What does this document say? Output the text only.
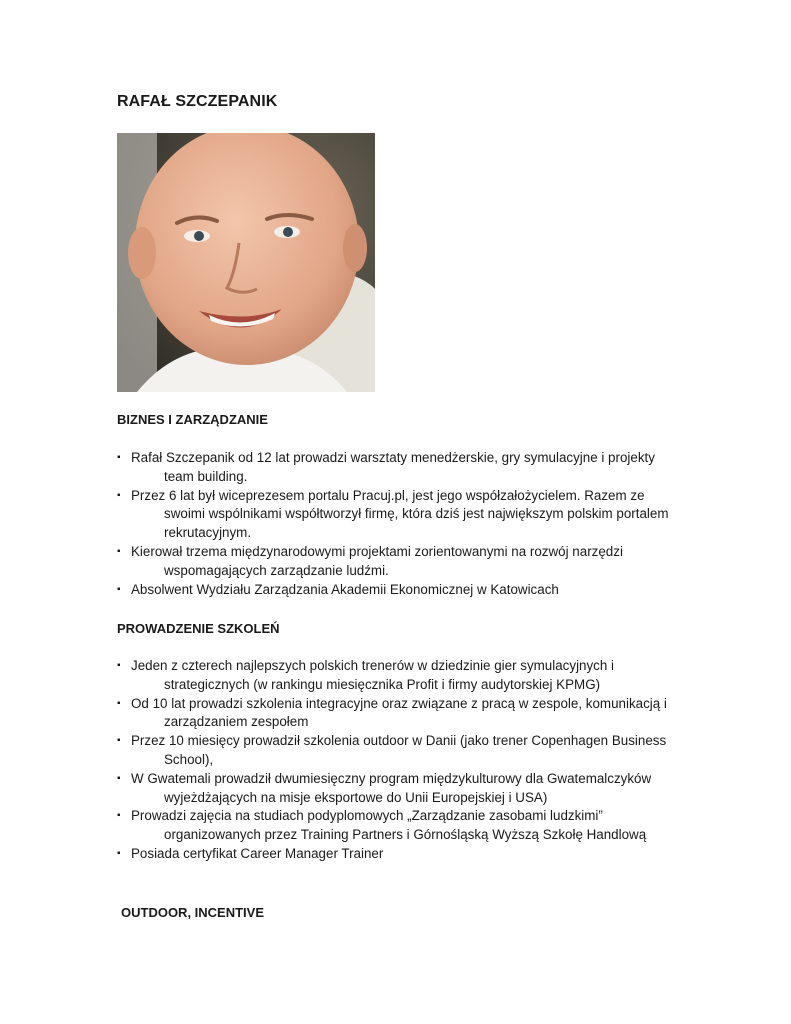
RAFAŁ SZCZEPANIK
BIZNES I ZARZĄDZANIE
▪ Rafał Szczepanik od 12 lat prowadzi warsztaty menedżerskie, gry symulacyjne i projekty team building.
▪ Przez 6 lat był wiceprezesem portalu Pracuj.pl, jest jego współzałożycielem. Razem ze swoimi wspólnikami współtworzył firmę, która dziś jest największym polskim portalem rekrutacyjnym.
▪ Kierował trzema międzynarodowymi projektami zorientowanymi na rozwój narzędzi wspomagających zarządzanie ludźmi.
▪ Absolwent Wydziału Zarządzania Akademii Ekonomicznej w Katowicach
PROWADZENIE SZKOLEŃ
▪ Jeden z czterech najlepszych polskich trenerów w dziedzinie gier symulacyjnych i strategicznych (w rankingu miesięcznika Profit i firmy audytorskiej KPMG)
▪ Od 10 lat prowadzi szkolenia integracyjne oraz związane z pracą w zespole, komunikacją i zarządzaniem zespołem
▪ Przez 10 miesięcy prowadził szkolenia outdoor w Danii (jako trener Copenhagen Business School),
▪ W Gwatemali prowadził dwumiesięczny program międzykulturowy dla Gwatemalczyków wyjeżdżających na misje eksportowe do Unii Europejskiej i USA)
▪ Prowadzi zajęcia na studiach podyplomowych „Zarządzanie zasobami ludzkimi” organizowanych przez Training Partners i Górnośląską Wyższą Szkołę Handlową
▪ Posiada certyfikat Career Manager Trainer
OUTDOOR, INCENTIVE
